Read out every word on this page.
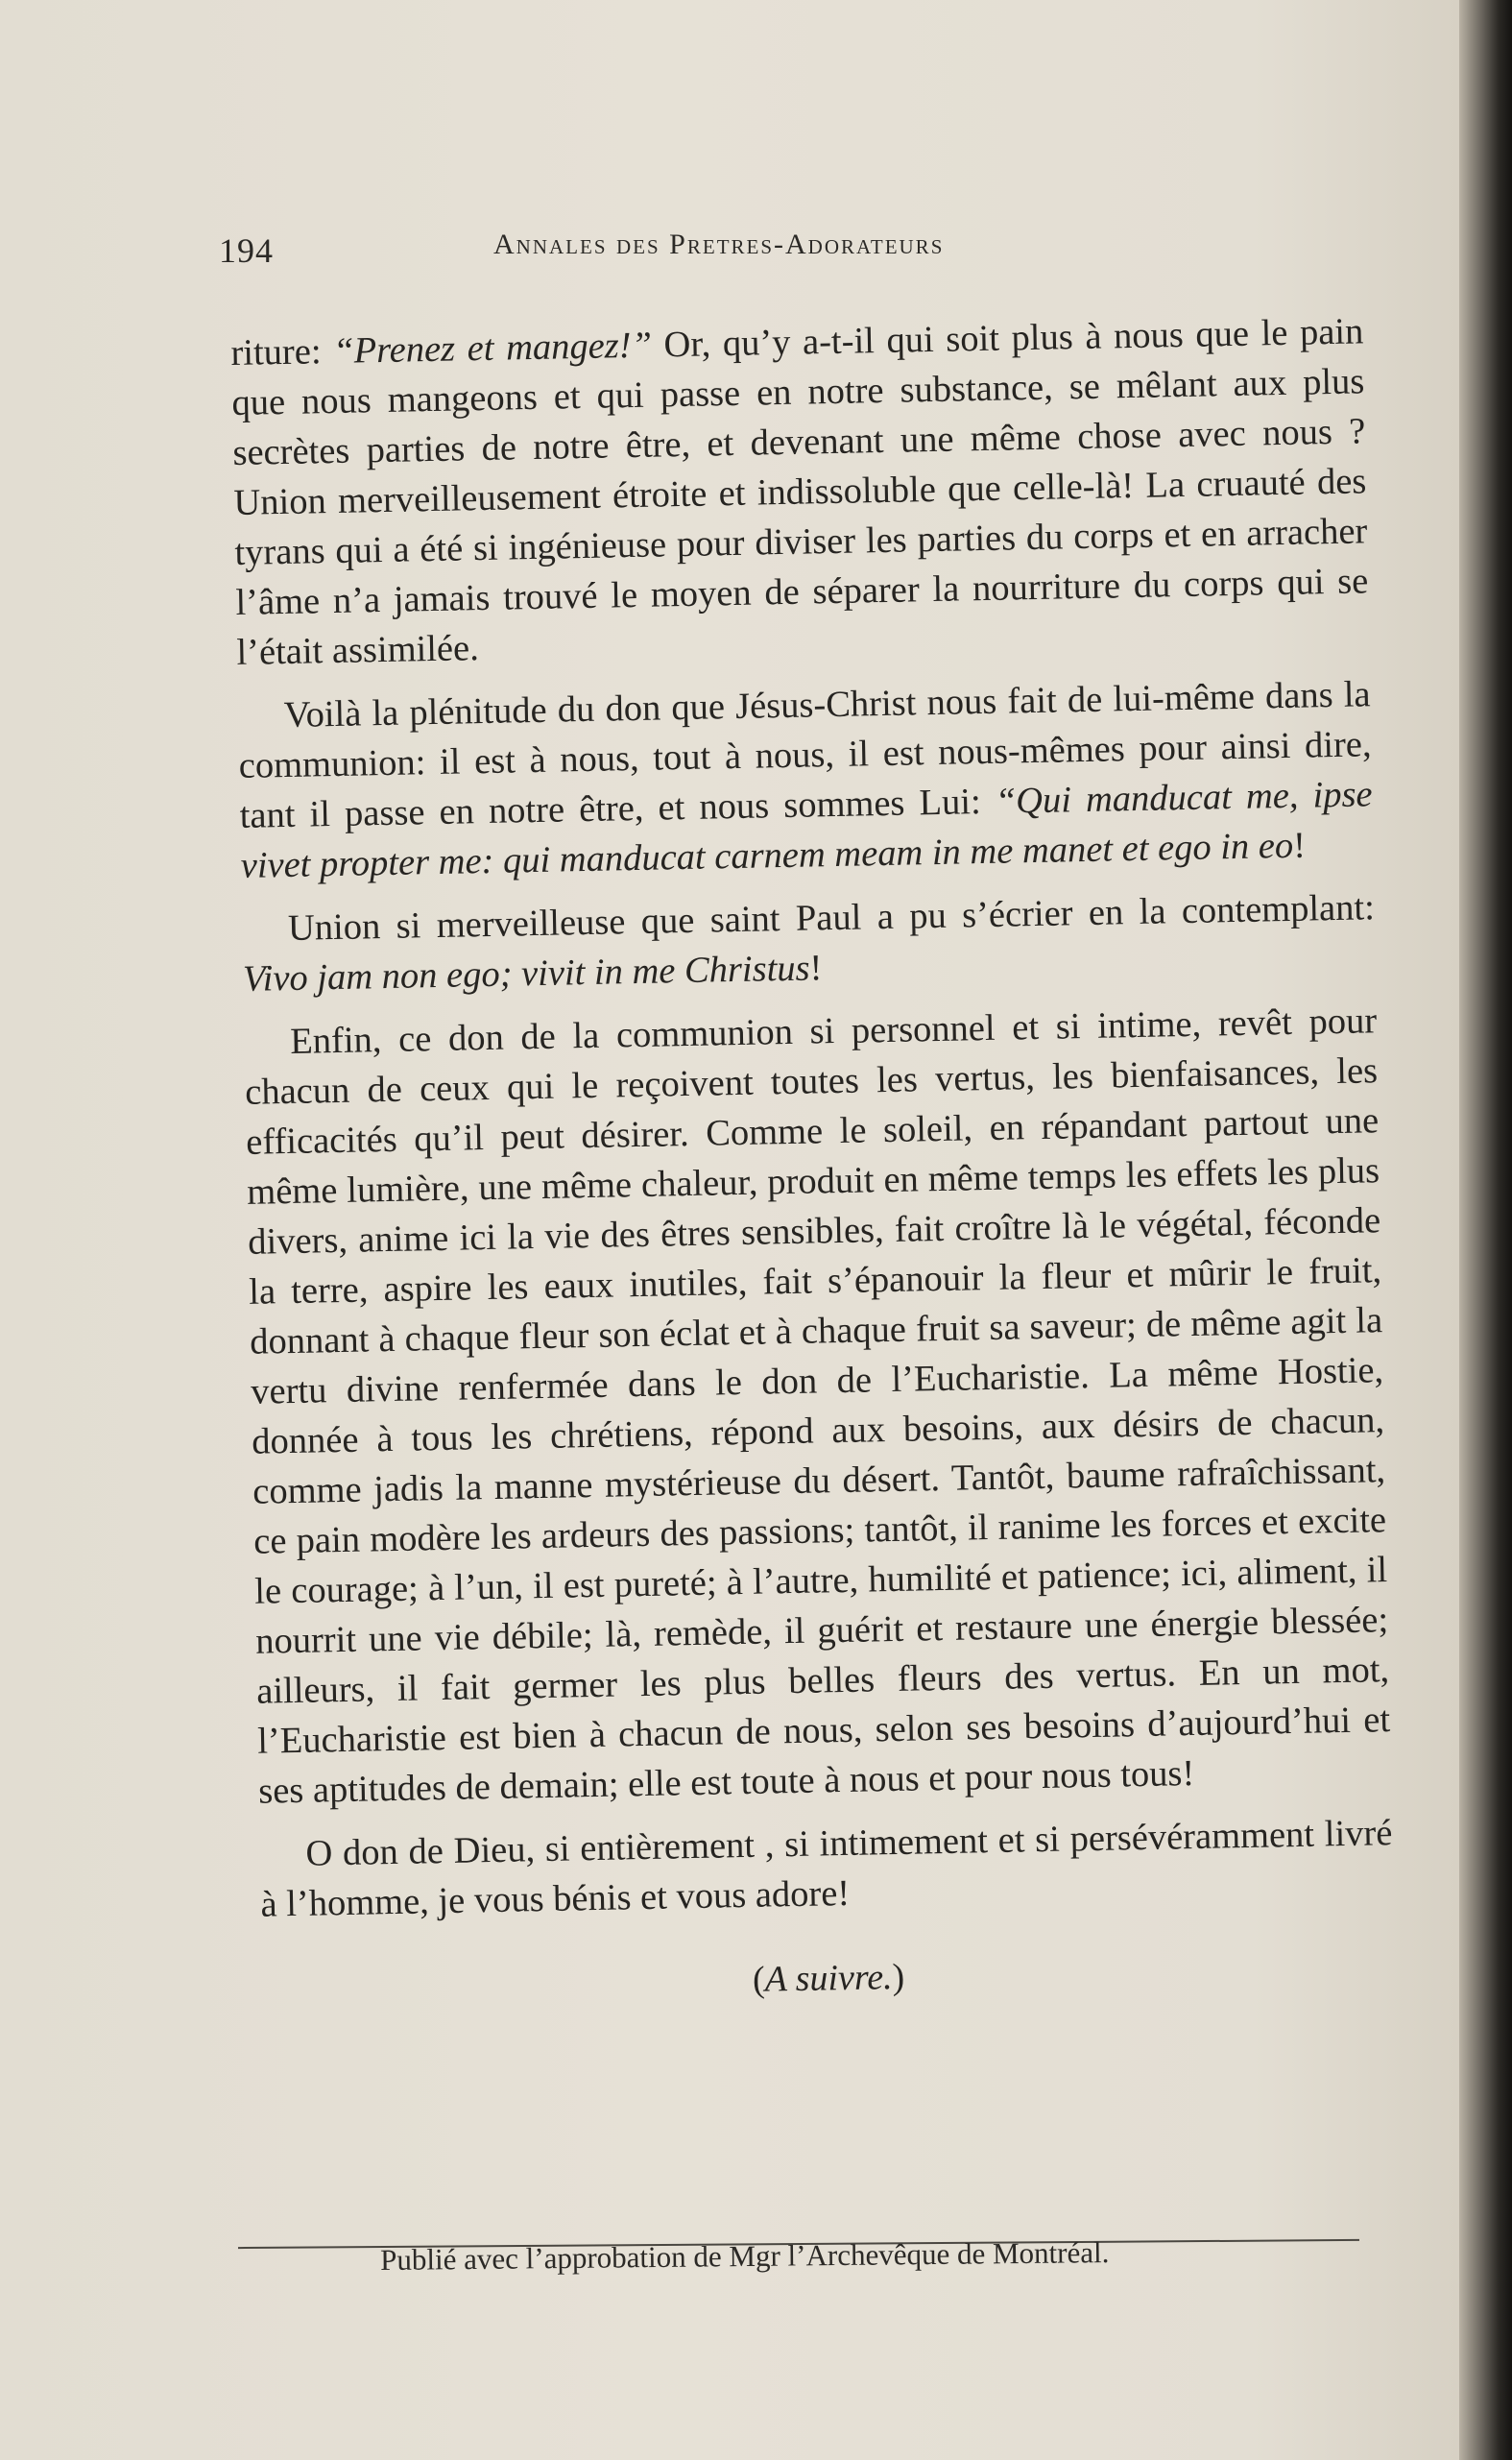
194	Annales des Pretres-Adorateurs

riture: “Prenez et mangez!” Or, qu’y a-t-il qui soit plus à nous que le pain que nous mangeons et qui passe en notre substance, se mêlant aux plus secrètes parties de notre être, et devenant une même chose avec nous ? Union merveilleusement étroite et indissoluble que celle-là! La cruauté des tyrans qui a été si ingénieuse pour diviser les parties du corps et en arracher l’âme n’a jamais trouvé le moyen de séparer la nourriture du corps qui se l’était assimilée.

Voilà la plénitude du don que Jésus-Christ nous fait de lui-même dans la communion: il est à nous, tout à nous, il est nous-mêmes pour ainsi dire, tant il passe en notre être, et nous sommes Lui: “Qui manducat me, ipse vivet propter me: qui manducat carnem meam in me manet et ego in eo!

Union si merveilleuse que saint Paul a pu s’écrier en la contemplant: Vivo jam non ego; vivit in me Christus!

Enfin, ce don de la communion si personnel et si intime, revêt pour chacun de ceux qui le reçoivent toutes les vertus, les bienfaisances, les efficacités qu’il peut désirer. Comme le soleil, en répandant partout une même lumière, une même chaleur, produit en même temps les effets les plus divers, anime ici la vie des êtres sensibles, fait croître là le végétal, féconde la terre, aspire les eaux inutiles, fait s’épanouir la fleur et mûrir le fruit, donnant à chaque fleur son éclat et à chaque fruit sa saveur; de même agit la vertu divine renfermée dans le don de l’Eucharistie. La même Hostie, donnée à tous les chrétiens, répond aux besoins, aux désirs de chacun, comme jadis la manne mystérieuse du désert. Tantôt, baume rafraîchissant, ce pain modère les ardeurs des passions; tantôt, il ranime les forces et excite le courage; à l’un, il est pureté; à l’autre, humilité et patience; ici, aliment, il nourrit une vie débile; là, remède, il guérit et restaure une énergie blessée; ailleurs, il fait germer les plus belles fleurs des vertus. En un mot, l’Eucharistie est bien à chacun de nous, selon ses besoins d’aujourd’hui et ses aptitudes de demain; elle est toute à nous et pour nous tous!

O don de Dieu, si entièrement , si intimement et si persévéramment livré à l’homme, je vous bénis et vous adore!

(A suivre.)
Publié avec l’approbation de Mgr l’Archevêque de Montréal.
